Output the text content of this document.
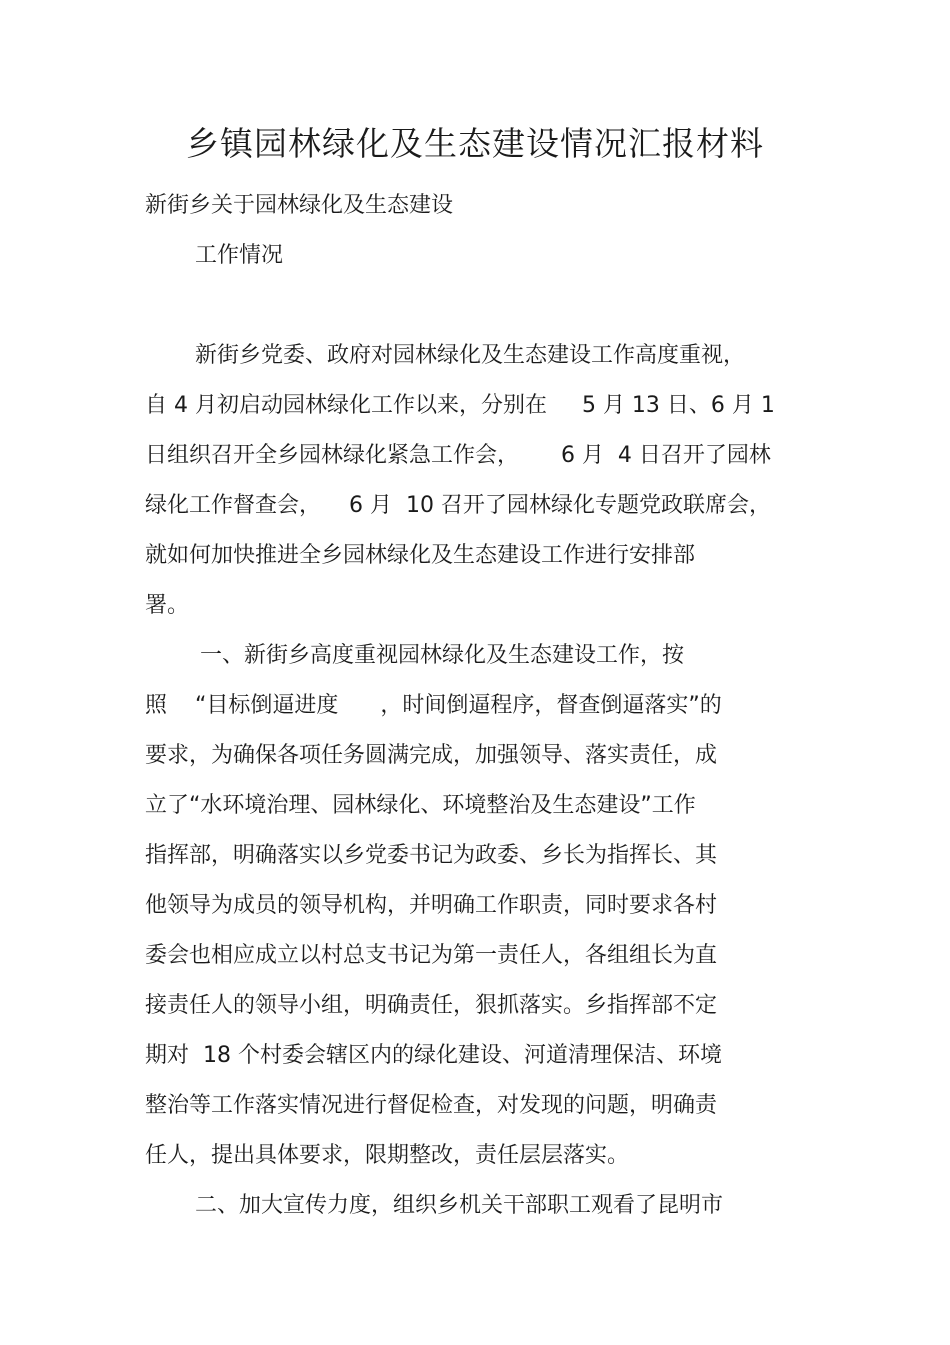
乡镇园林绿化及生态建设情况汇报材料
新街乡关于园林绿化及生态建设
工作情况
新街乡党委、政府对园林绿化及生态建设工作高度重视，
自 4 月初启动园林绿化工作以来，分别在     5 月 13 日、6 月 1
日组织召开全乡园林绿化紧急工作会，      6 月  4 日召开了园林
绿化工作督查会，    6 月  10 召开了园林绿化专题党政联席会，
就如何加快推进全乡园林绿化及生态建设工作进行安排部
署。
一、新街乡高度重视园林绿化及生态建设工作，按
照    “目标倒逼进度      ，时间倒逼程序，督查倒逼落实”的
要求，为确保各项任务圆满完成，加强领导、落实责任，成
立了“水环境治理、园林绿化、环境整治及生态建设”工作
指挥部，明确落实以乡党委书记为政委、乡长为指挥长、其
他领导为成员的领导机构，并明确工作职责，同时要求各村
委会也相应成立以村总支书记为第一责任人，各组组长为直
接责任人的领导小组，明确责任，狠抓落实。乡指挥部不定
期对  18 个村委会辖区内的绿化建设、河道清理保洁、环境
整治等工作落实情况进行督促检查，对发现的问题，明确责
任人，提出具体要求，限期整改，责任层层落实。
二、加大宣传力度，组织乡机关干部职工观看了昆明市
